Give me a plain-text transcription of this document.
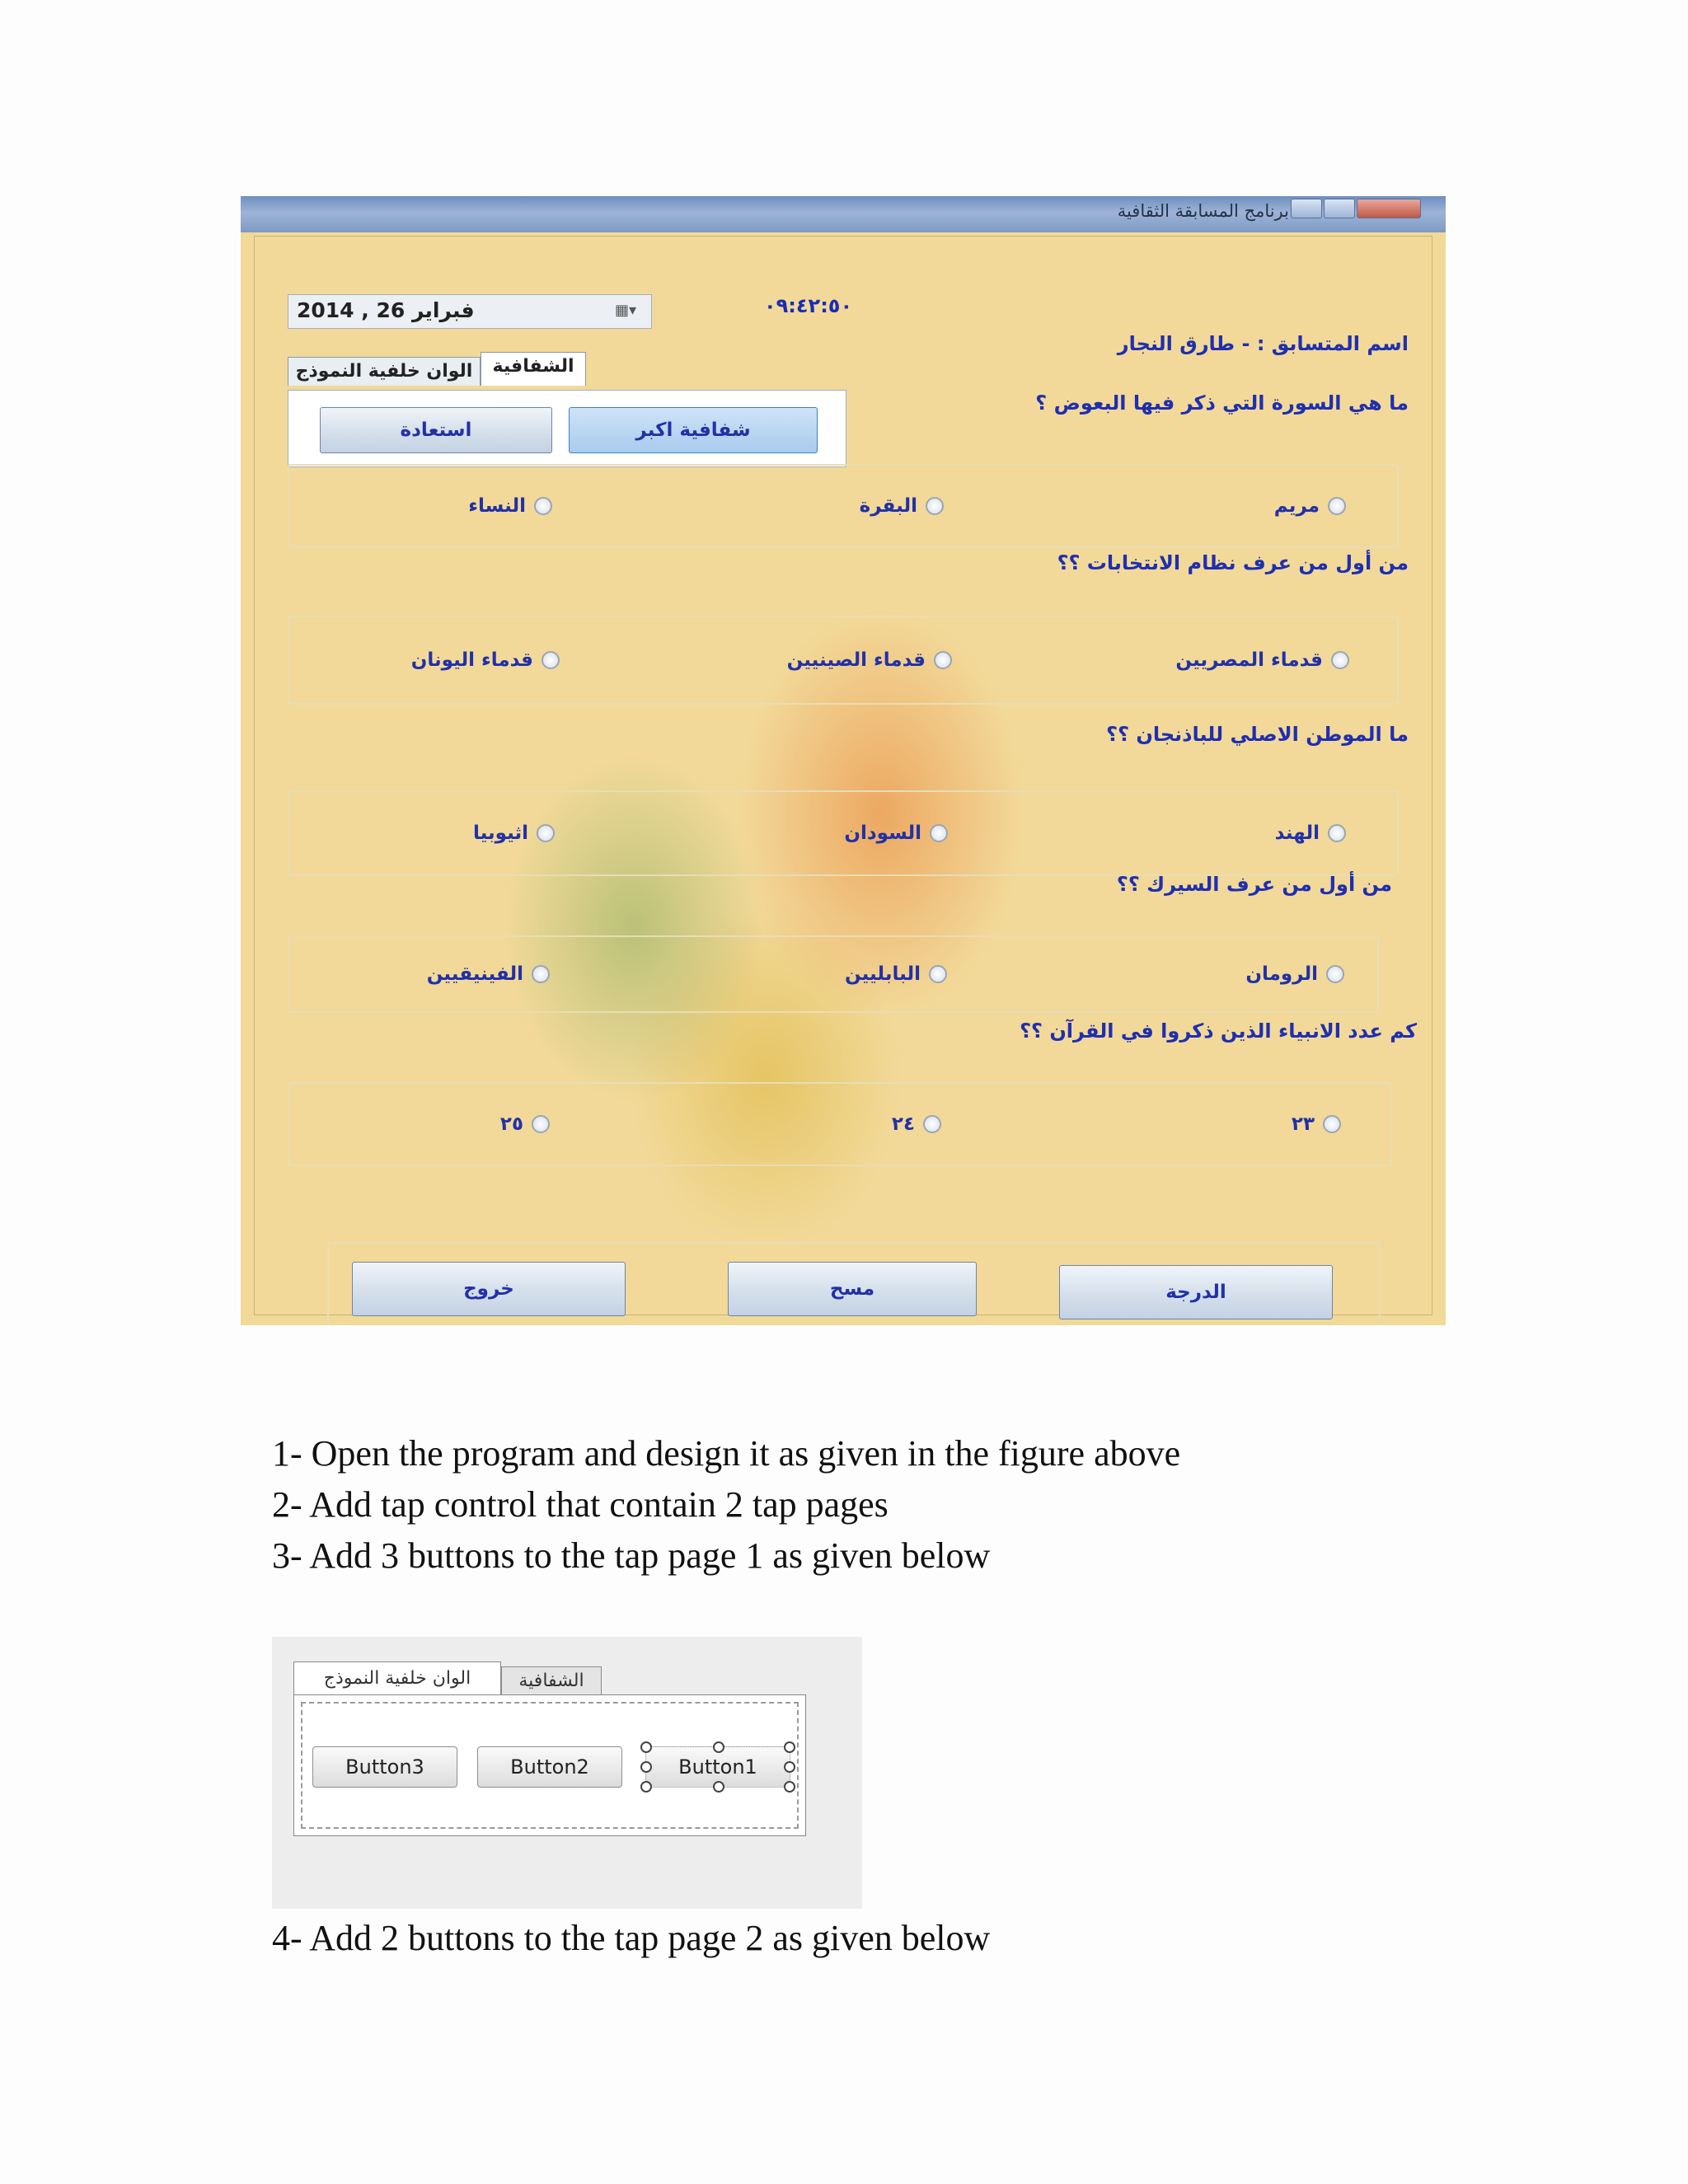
برنامج المسابقة الثقافية
2014 , فبراير 26	▦▾	٠٩:٤٢:٥٠
اسم المتسابق : - طارق النجار
الوان خلفية النموذج	الشفافية
استعادة	شفافية اكبر
ما هي السورة التي ذكر فيها البعوض ؟
مريم
البقرة
النساء
من أول من عرف نظام الانتخابات ؟؟
قدماء المصريين
قدماء الصينيين
قدماء اليونان
ما الموطن الاصلي للباذنجان ؟؟
الهند
السودان
اثيوبيا
من أول من عرف السيرك ؟؟
الرومان
البابليين
الفينيقيين
كم عدد الانبياء الذين ذكروا في القرآن ؟؟
٢٣
٢٤
٢٥
خروج	مسح	الدرجة
1- Open the program and design it as given in the figure above
2- Add tap control that contain 2 tap pages
3- Add 3 buttons to the tap page 1 as given below
الوان خلفية النموذج	الشفافية
Button3	Button2	Button1
4- Add 2 buttons to the tap page 2 as given below
